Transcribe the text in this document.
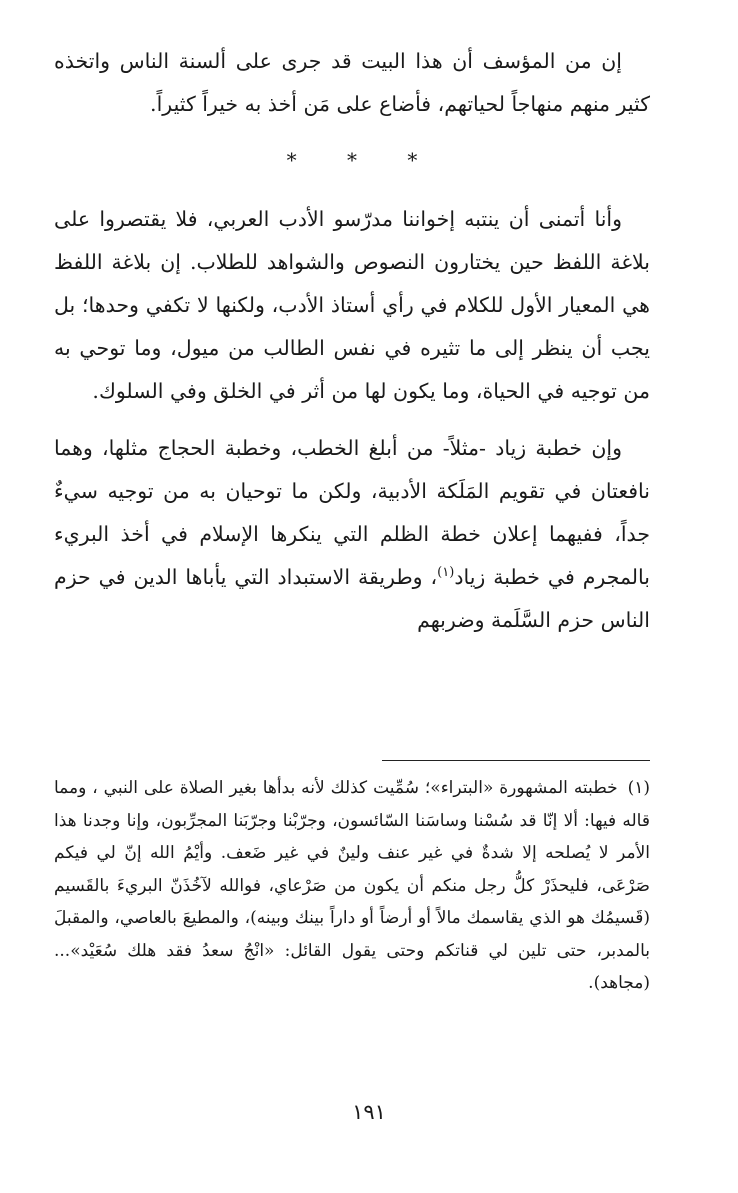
إن من المؤسف أن هذا البيت قد جرى على ألسنة الناس واتخذه كثير منهم منهاجاً لحياتهم، فأضاع على مَن أخذ به خيراً كثيراً.

* * *

وأنا أتمنى أن ينتبه إخواننا مدرّسو الأدب العربي، فلا يقتصروا على بلاغة اللفظ حين يختارون النصوص والشواهد للطلاب. إن بلاغة اللفظ هي المعيار الأول للكلام في رأي أستاذ الأدب، ولكنها لا تكفي وحدها؛ بل يجب أن ينظر إلى ما تثيره في نفس الطالب من ميول، وما توحي به من توجيه في الحياة، وما يكون لها من أثر في الخلق وفي السلوك.

وإن خطبة زياد -مثلاً- من أبلغ الخطب، وخطبة الحجاج مثلها، وهما نافعتان في تقويم المَلَكة الأدبية، ولكن ما توحيان به من توجيه سيءٌ جداً، ففيهما إعلان خطة الظلم التي ينكرها الإسلام في أخذ البريء بالمجرم في خطبة زياد$^{(١)}$، وطريقة الاستبداد التي يأباها الدين في حزم الناس حزم السَّلَمة وضربهم

(١) خطبته المشهورة «البتراء»؛ سُمِّيت كذلك لأنه بدأها بغير الصلاة على النبي ، ومما قاله فيها: ألا إنّا قد سُسْنا وساسَنا السّائسون، وجرّبْنا وجرّبَنا المجرِّبون، وإنا وجدنا هذا الأمر لا يُصلحه إلا شدةٌ في غير عنف ولينٌ في غير ضَعف. وأيْمُ الله إنّ لي فيكم صَرْعَى، فليحذَرْ كلُّ رجل منكم أن يكون من صَرْعاي، فوالله لآخُذَنّ البريءَ بالقَسيم (قَسيمُك هو الذي يقاسمك مالاً أو أرضاً أو داراً بينك وبينه)، والمطيعَ بالعاصي، والمقبلَ بالمدبر، حتى تلين لي قناتكم وحتى يقول القائل: «انْجُ سعدُ فقد هلك سُعَيْد»... (مجاهد).

١٩١
